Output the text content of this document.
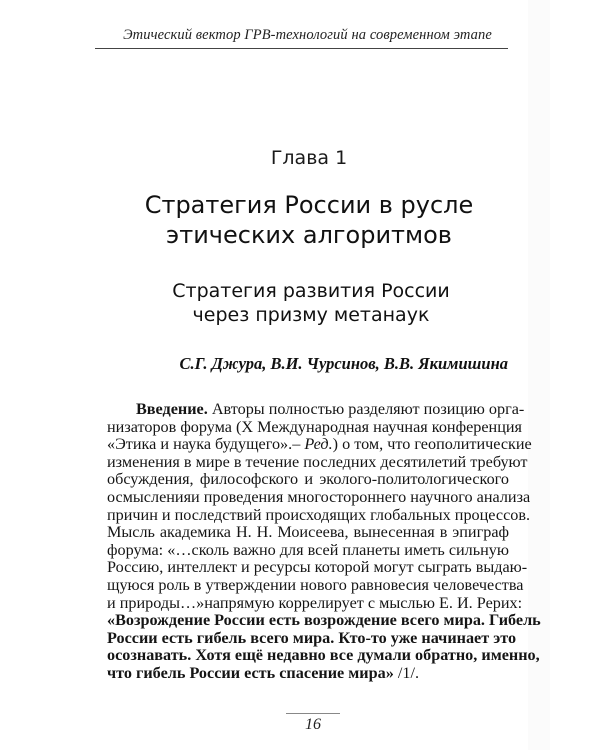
Этический вектор ГРВ-технологий на современном этапе
Глава 1
Стратегия России в русле
этических алгоритмов
Стратегия развития России
через призму метанаук
С.Г. Джура, В.И. Чурсинов, В.В. Якимишина
Введение. Авторы полностью разделяют позицию орга-
низаторов форума (Х Международная научная конференция
«Этика и наука будущего».– Ред.) о том, что геополитические
изменения в мире в течение последних десятилетий требуют
обсуждения, философского и эколого-политологического
осмысленияи проведения многостороннего научного анализа
причин и последствий происходящих глобальных процессов.
Мысль академика Н. Н. Моисеева, вынесенная в эпиграф
форума: «…сколь важно для всей планеты иметь сильную
Россию, интеллект и ресурсы которой могут сыграть выдаю-
щуюся роль в утверждении нового равновесия человечества
и природы…»напрямую коррелирует с мыслью Е. И. Рерих:
«Возрождение России есть возрождение всего мира. Гибель
России есть гибель всего мира. Кто-то уже начинает это
осознавать. Хотя ещё недавно все думали обратно, именно,
что гибель России есть спасение мира» /1/.
16
